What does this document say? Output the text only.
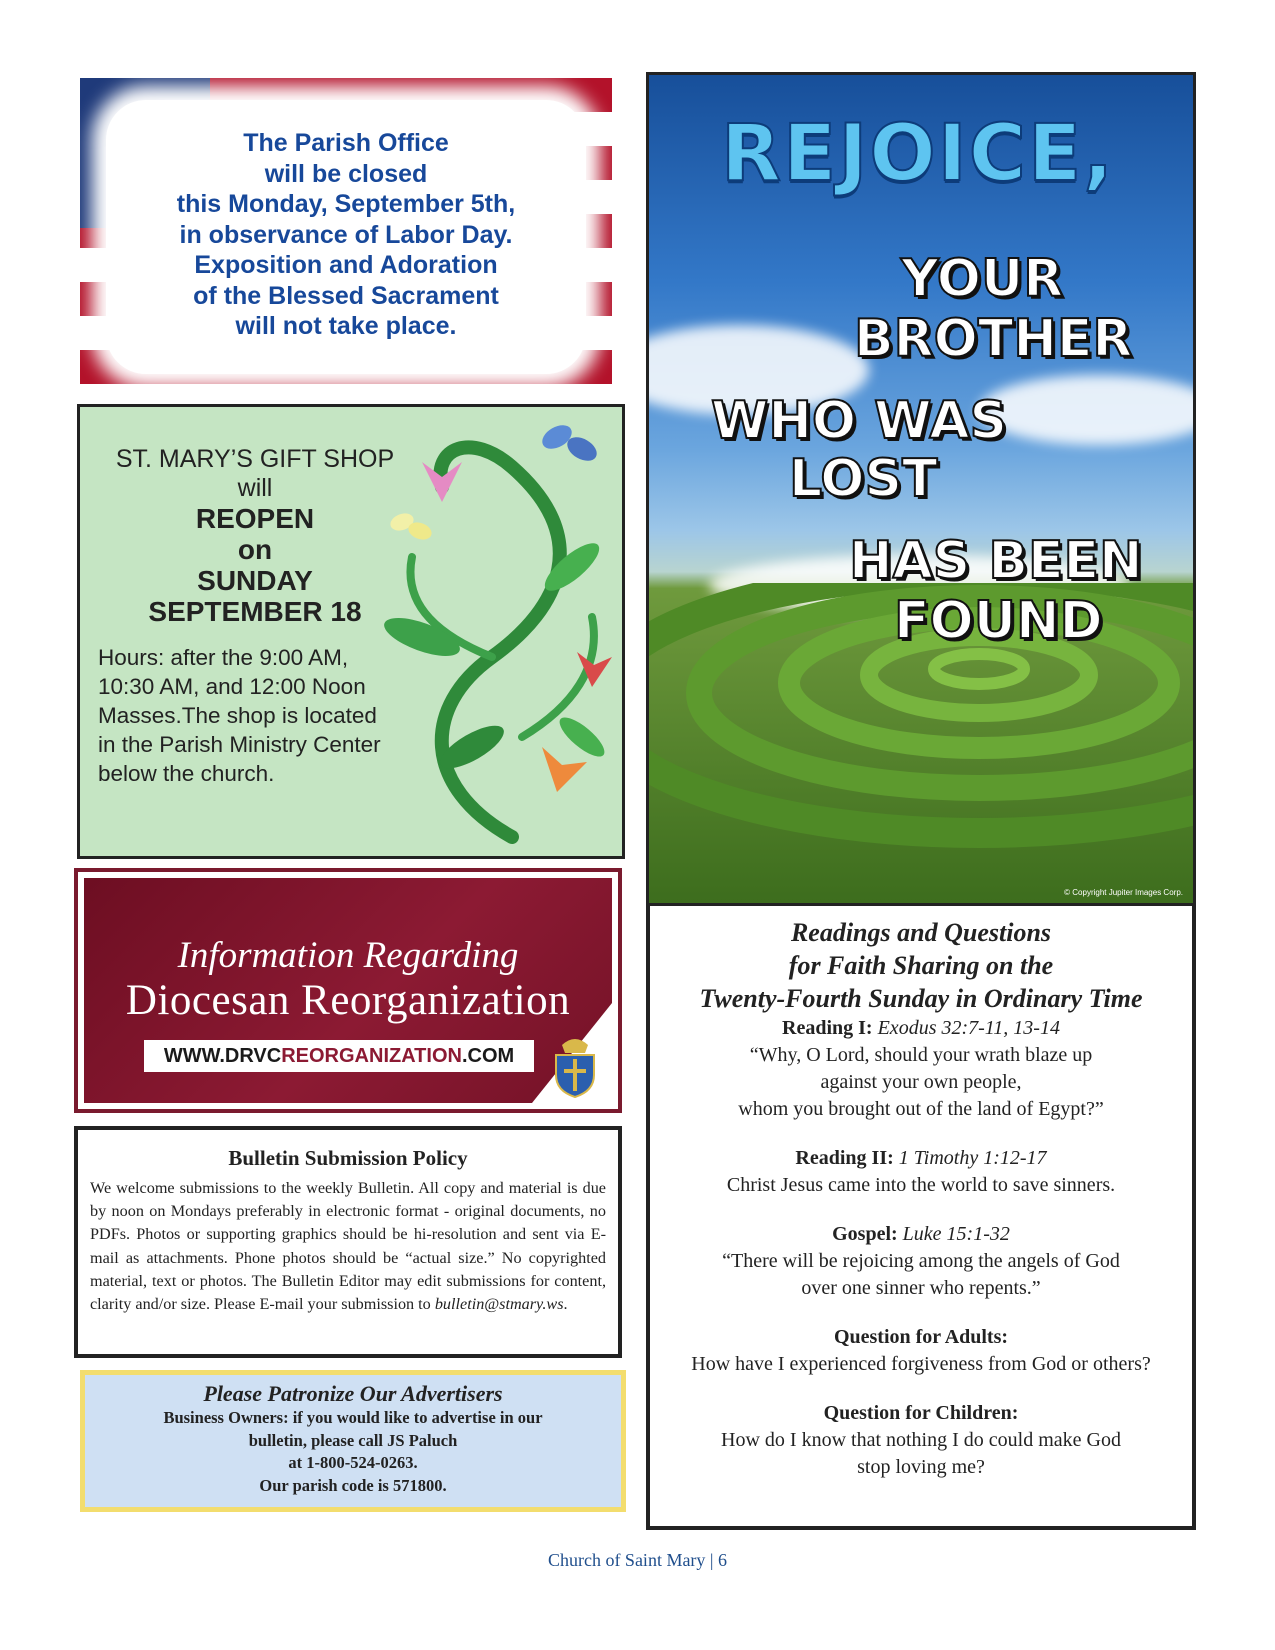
The Parish Office
will be closed
this Monday, September 5th,
in observance of Labor Day.
Exposition and Adoration
of the Blessed Sacrament
will not take place.
ST. MARY’S GIFT SHOP
will
REOPEN
on
SUNDAY
SEPTEMBER 18
Hours: after the 9:00 AM, 10:30 AM, and 12:00 Noon Masses.The shop is located in the Parish Ministry Center below the church.
Information Regarding
Diocesan Reorganization
WWW.DRVCREORGANIZATION.COM
Bulletin Submission Policy

We welcome submissions to the weekly Bulletin. All copy and material is due by noon on Mondays preferably in electronic format - original documents, no PDFs. Photos or supporting graphics should be hi-resolution and sent via E-mail as attachments. Phone photos should be “actual size.” No copyrighted material, text or photos. The Bulletin Editor may edit submissions for content, clarity and/or size. Please E-mail your submission to bulletin@stmary.ws.

Please Patronize Our Advertisers
Business Owners: if you would like to advertise in our
bulletin, please call JS Paluch
at 1-800-524-0263.
Our parish code is 571800.
REJOICE,
YOUR
BROTHER
WHO WAS
LOST
HAS BEEN
FOUND
© Copyright Jupiter Images Corp.
Readings and Questions
for Faith Sharing on the
Twenty-Fourth Sunday in Ordinary Time
Reading I: Exodus 32:7-11, 13-14
“Why, O Lord, should your wrath blaze up
against your own people,
whom you brought out of the land of Egypt?”
Reading II: 1 Timothy 1:12-17
Christ Jesus came into the world to save sinners.
Gospel: Luke 15:1-32
“There will be rejoicing among the angels of God
over one sinner who repents.”
Question for Adults:
How have I experienced forgiveness from God or others?
Question for Children:
How do I know that nothing I do could make God
stop loving me?
Church of Saint Mary | 6
